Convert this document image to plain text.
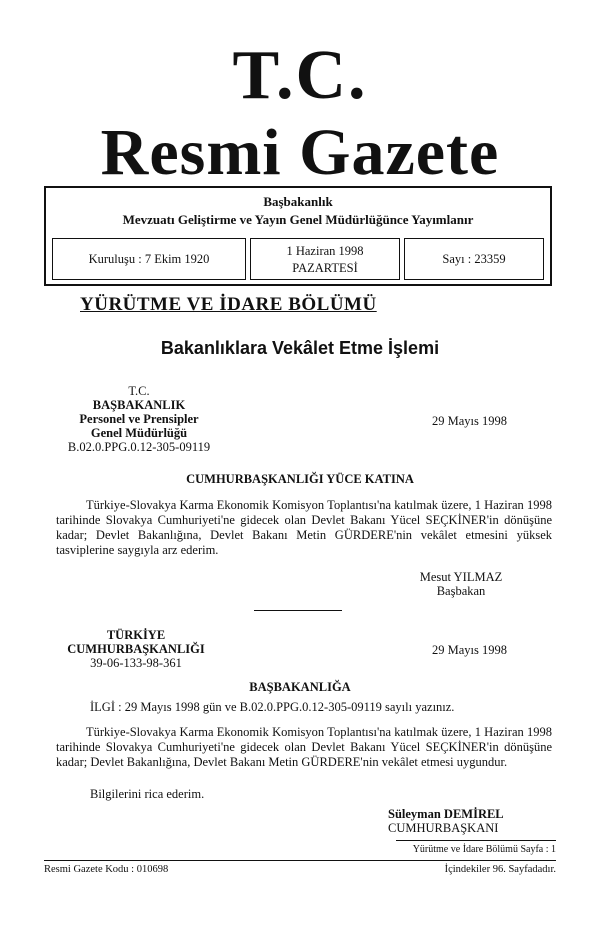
T.C.
Resmi Gazete
Başbakanlık
Mevzuatı Geliştirme ve Yayın Genel Müdürlüğünce Yayımlanır
Kuruluşu : 7 Ekim 1920
1 Haziran 1998
PAZARTESİ
Sayı : 23359
YÜRÜTME VE İDARE BÖLÜMÜ
Bakanlıklara Vekâlet Etme İşlemi
T.C.
BAŞBAKANLIK
Personel ve Prensipler
Genel Müdürlüğü
B.02.0.PPG.0.12-305-09119
29 Mayıs 1998
CUMHURBAŞKANLIĞI YÜCE KATINA
Türkiye-Slovakya Karma Ekonomik Komisyon Toplantısı'na katılmak üzere, 1 Haziran 1998 tarihinde Slovakya Cumhuriyeti'ne gidecek olan Devlet Bakanı Yücel SEÇKİNER'in dönüşüne kadar; Devlet Bakanlığına, Devlet Bakanı Metin GÜRDERE'nin vekâlet etmesini yüksek tasviplerine saygıyla arz ederim.
Mesut YILMAZ
Başbakan
TÜRKİYE
CUMHURBAŞKANLIĞI
39-06-133-98-361
29 Mayıs 1998
BAŞBAKANLIĞA
İLGİ : 29 Mayıs 1998 gün ve B.02.0.PPG.0.12-305-09119 sayılı yazınız.
Türkiye-Slovakya Karma Ekonomik Komisyon Toplantısı'na katılmak üzere, 1 Haziran 1998 tarihinde Slovakya Cumhuriyeti'ne gidecek olan Devlet Bakanı Yücel SEÇKİNER'in dönüşüne kadar; Devlet Bakanlığına, Devlet Bakanı Metin GÜRDERE'nin vekâlet etmesi uygundur.
Bilgilerini rica ederim.
Süleyman DEMİREL
CUMHURBAŞKANI
Yürütme ve İdare Bölümü Sayfa : 1
Resmi Gazete Kodu : 010698	İçindekiler 96. Sayfadadır.
